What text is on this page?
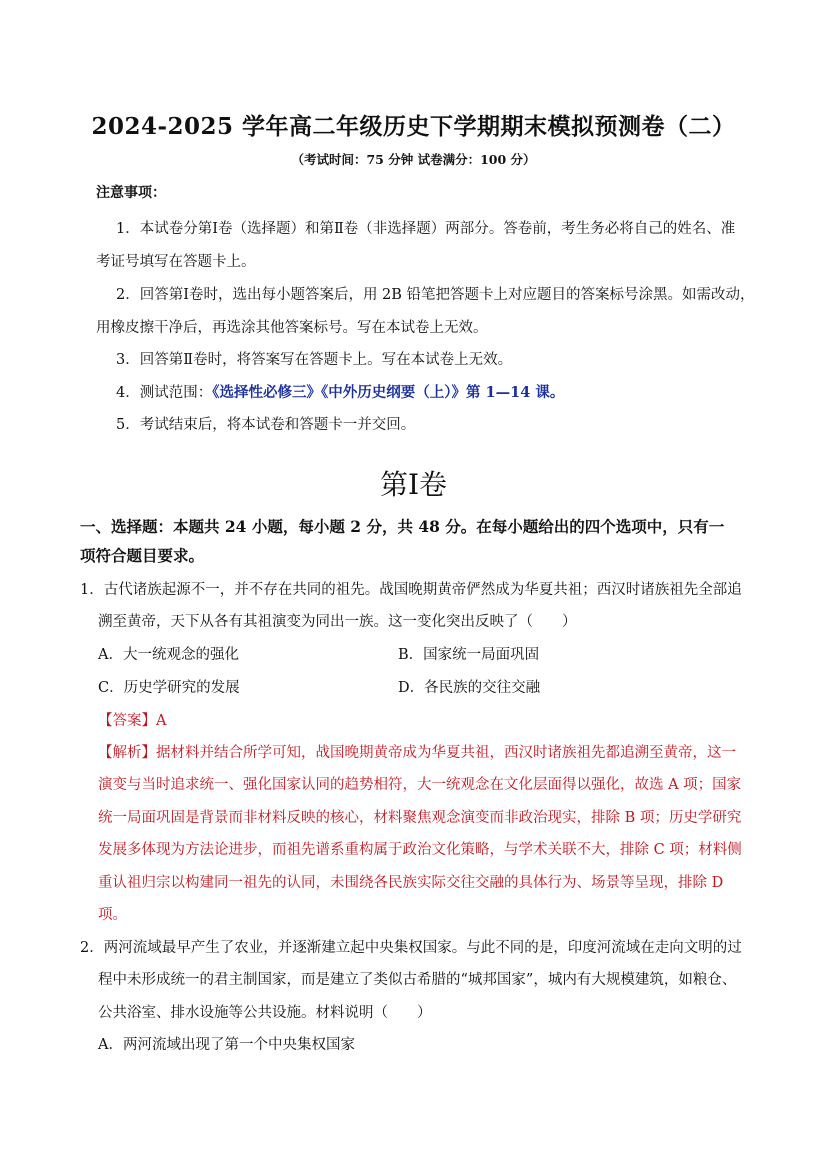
2024-2025 学年高二年级历史下学期期末模拟预测卷（二）
（考试时间：75 分钟 试卷满分：100 分）
注意事项：
1．本试卷分第Ⅰ卷（选择题）和第Ⅱ卷（非选择题）两部分。答卷前，考生务必将自己的姓名、准
考证号填写在答题卡上。
2．回答第Ⅰ卷时，选出每小题答案后，用 2B 铅笔把答题卡上对应题目的答案标号涂黑。如需改动，
用橡皮擦干净后，再选涂其他答案标号。写在本试卷上无效。
3．回答第Ⅱ卷时，将答案写在答题卡上。写在本试卷上无效。
4．测试范围：《选择性必修三》《中外历史纲要（上）》第 1—14 课。
5．考试结束后，将本试卷和答题卡一并交回。
第Ⅰ卷
一、选择题：本题共 24 小题，每小题 2 分，共 48 分。在每小题给出的四个选项中，只有一
项符合题目要求。
1．古代诸族起源不一，并不存在共同的祖先。战国晚期黄帝俨然成为华夏共祖；西汉时诸族祖先全部追
溯至黄帝，天下从各有其祖演变为同出一族。这一变化突出反映了（　　）
A．大一统观念的强化	B．国家统一局面巩固
C．历史学研究的发展	D．各民族的交往交融
【答案】A
【解析】据材料并结合所学可知，战国晚期黄帝成为华夏共祖，西汉时诸族祖先都追溯至黄帝，这一
演变与当时追求统一、强化国家认同的趋势相符，大一统观念在文化层面得以强化，故选 A 项；国家
统一局面巩固是背景而非材料反映的核心，材料聚焦观念演变而非政治现实，排除 B 项；历史学研究
发展多体现为方法论进步，而祖先谱系重构属于政治文化策略，与学术关联不大，排除 C 项；材料侧
重认祖归宗以构建同一祖先的认同，未围绕各民族实际交往交融的具体行为、场景等呈现，排除 D
项。
2．两河流域最早产生了农业，并逐渐建立起中央集权国家。与此不同的是，印度河流域在走向文明的过
程中未形成统一的君主制国家，而是建立了类似古希腊的“城邦国家”，城内有大规模建筑，如粮仓、
公共浴室、排水设施等公共设施。材料说明（　　）
A．两河流域出现了第一个中央集权国家
